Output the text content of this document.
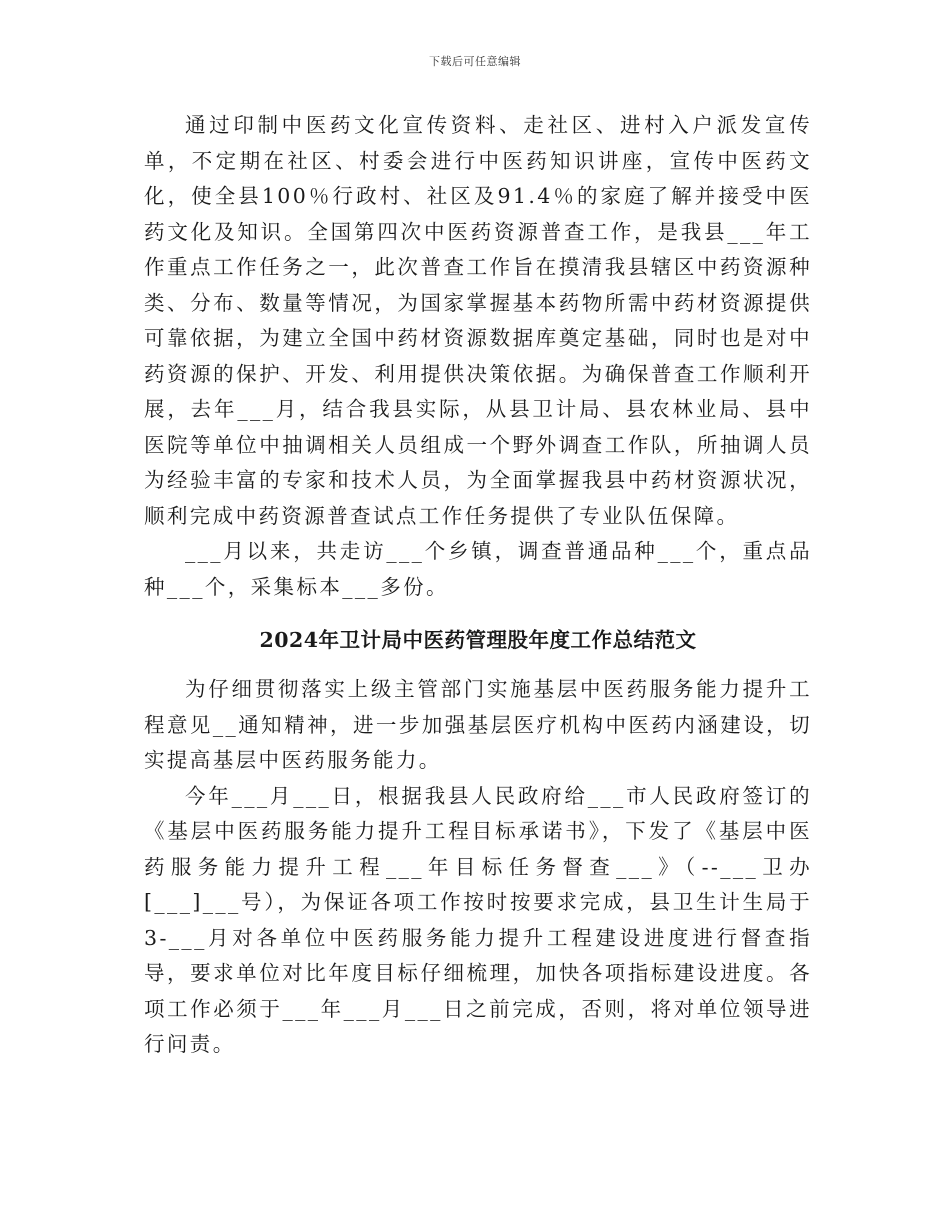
下载后可任意编辑

通过印制中医药文化宣传资料、走社区、进村入户派发宣传单，不定期在社区、村委会进行中医药知识讲座，宣传中医药文化，使全县100％行政村、社区及91.4％的家庭了解并接受中医药文化及知识。全国第四次中医药资源普查工作，是我县___年工作重点工作任务之一，此次普查工作旨在摸清我县辖区中药资源种类、分布、数量等情况，为国家掌握基本药物所需中药材资源提供可靠依据，为建立全国中药材资源数据库奠定基础，同时也是对中药资源的保护、开发、利用提供决策依据。为确保普查工作顺利开展，去年___月，结合我县实际，从县卫计局、县农林业局、县中医院等单位中抽调相关人员组成一个野外调查工作队，所抽调人员为经验丰富的专家和技术人员，为全面掌握我县中药材资源状况，顺利完成中药资源普查试点工作任务提供了专业队伍保障。

___月以来，共走访___个乡镇，调查普通品种___个，重点品种___个，采集标本___多份。

2024年卫计局中医药管理股年度工作总结范文

为仔细贯彻落实上级主管部门实施基层中医药服务能力提升工程意见__通知精神，进一步加强基层医疗机构中医药内涵建设，切实提高基层中医药服务能力。

今年___月___日，根据我县人民政府给___市人民政府签订的《基层中医药服务能力提升工程目标承诺书》，下发了《基层中医药服务能力提升工程___年目标任务督查___》（--___卫办[___]___号），为保证各项工作按时按要求完成，县卫生计生局于3-___月对各单位中医药服务能力提升工程建设进度进行督查指导，要求单位对比年度目标仔细梳理，加快各项指标建设进度。各项工作必须于___年___月___日之前完成，否则，将对单位领导进行问责。
